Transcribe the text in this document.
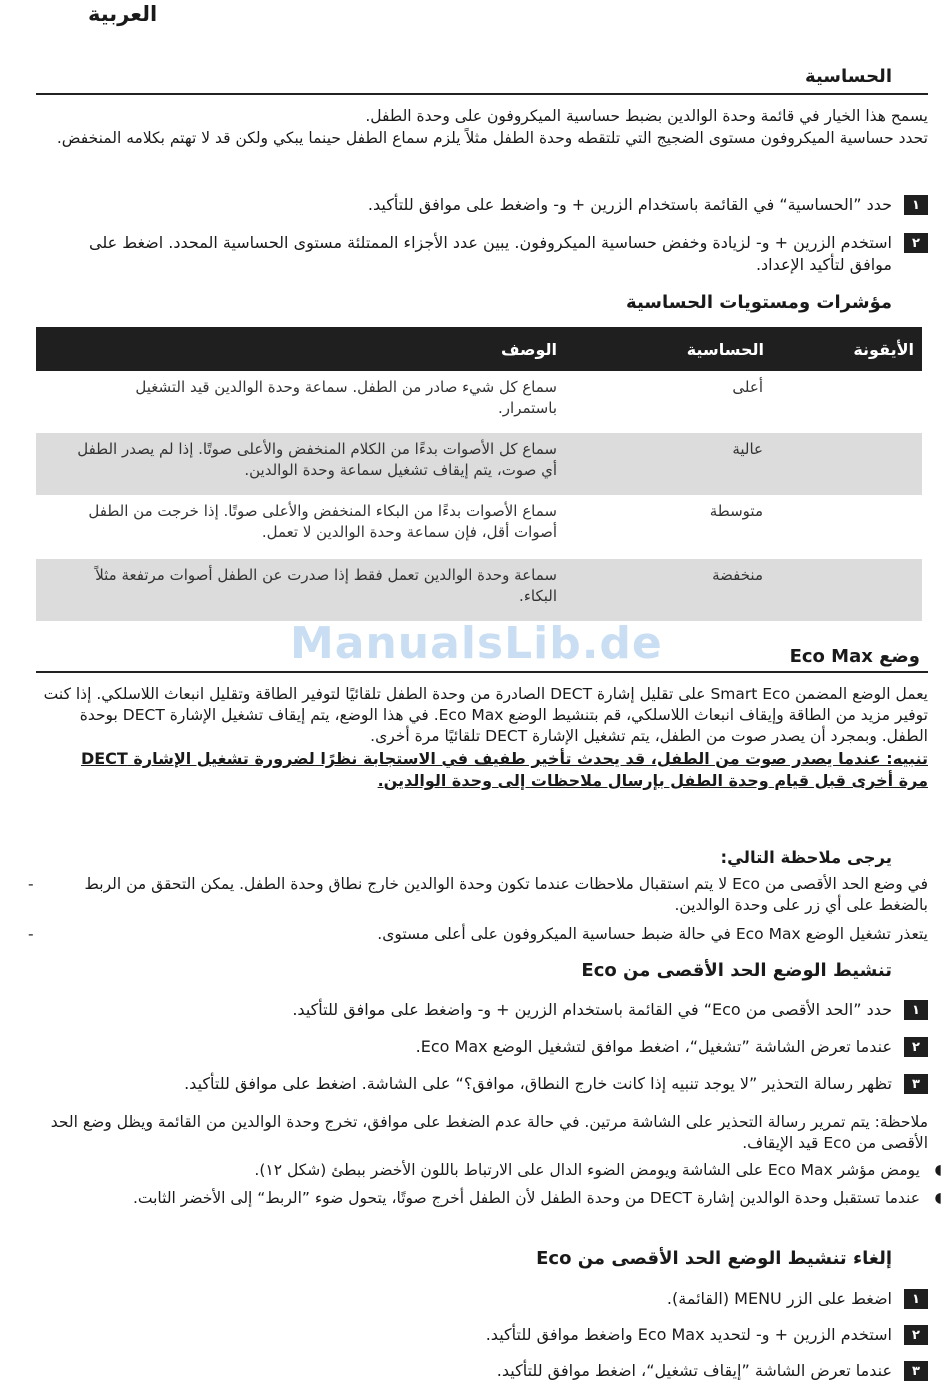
العربية
الحساسية
يسمح هذا الخيار في قائمة وحدة الوالدين بضبط حساسية الميكروفون على وحدة الطفل.
تحدد حساسية الميكروفون مستوى الضجيج التي تلتقطه وحدة الطفل مثلاً يلزم سماع الطفل حينما يبكي ولكن قد لا تهتم بكلامه المنخفض.
١
حدد ”الحساسية“ في القائمة باستخدام الزرين + و- واضغط على موافق للتأكيد.
٢
استخدم الزرين + و- لزيادة وخفض حساسية الميكروفون. يبين عدد الأجزاء الممتلئة مستوى الحساسية المحدد. اضغط على موافق لتأكيد الإعداد.
مؤشرات ومستويات الحساسية
الوصف	الحساسية	الأيقونة
سماع كل شيء صادر من الطفل. سماعة وحدة الوالدين قيد التشغيل باستمرار.	أعلى	
سماع كل الأصوات بدءًا من الكلام المنخفض والأعلى صوتًا. إذا لم يصدر الطفل أي صوت، يتم إيقاف تشغيل سماعة وحدة الوالدين.	عالية	
سماع الأصوات بدءًا من البكاء المنخفض والأعلى صوتًا. إذا خرجت من الطفل أصوات أقل، فإن سماعة وحدة الوالدين لا تعمل.	متوسطة	
سماعة وحدة الوالدين تعمل فقط إذا صدرت عن الطفل أصوات مرتفعة مثلاً البكاء.	منخفضة	
ManualsLib.de	وضع Eco Max
يعمل الوضع المضمن Smart Eco على تقليل إشارة DECT الصادرة من وحدة الطفل تلقائيًا لتوفير الطاقة وتقليل انبعاث اللاسلكي. إذا كنت توفير مزيد من الطاقة وإيقاف انبعاث اللاسلكي، قم بتنشيط الوضع Eco Max. في هذا الوضع، يتم إيقاف تشغيل الإشارة DECT بوحدة الطفل. وبمجرد أن يصدر صوت من الطفل، يتم تشغيل الإشارة DECT تلقائيًا مرة أخرى.
تنبيه: عندما يصدر صوت من الطفل، قد يحدث تأخير طفيف في الاستجابة نظرًا لضرورة تشغيل الإشارة DECT مرة أخرى قبل قيام وحدة الطفل بإرسال ملاحظات إلى وحدة الوالدين.
يرجى ملاحظة التالي:
-	في وضع الحد الأقصى من Eco لا يتم استقبال ملاحظات عندما تكون وحدة الوالدين خارج نطاق وحدة الطفل. يمكن التحقق من الربط بالضغط على أي زر على وحدة الوالدين.
-	يتعذر تشغيل الوضع Eco Max في حالة ضبط حساسية الميكروفون على أعلى مستوى.
تنشيط الوضع الحد الأقصى من Eco
١
حدد ”الحد الأقصى من Eco“ في القائمة باستخدام الزرين + و- واضغط على موافق للتأكيد.
٢
عندما تعرض الشاشة ”تشغيل“، اضغط موافق لتشغيل الوضع Eco Max.
٣
تظهر رسالة التحذير ”لا يوجد تنبيه إذا كانت خارج النطاق، موافق؟“ على الشاشة. اضغط على موافق للتأكيد.
ملاحظة: يتم تمرير رسالة التحذير على الشاشة مرتين. في حالة عدم الضغط على موافق، تخرج وحدة الوالدين من القائمة ويظل وضع الحد الأقصى من Eco قيد الإيقاف.
◖
يومض مؤشر Eco Max على الشاشة ويومض الضوء الدال على الارتباط باللون الأخضر ببطئ (شكل ١٢).
◖
عندما تستقبل وحدة الوالدين إشارة DECT من وحدة الطفل لأن الطفل أخرج صوتًا، يتحول ضوء ”الربط“ إلى الأخضر الثابت.
إلغاء تنشيط الوضع الحد الأقصى من Eco
١
اضغط على الزر MENU (القائمة).
٢
استخدم الزرين + و- لتحديد Eco Max واضغط موافق للتأكيد.
٣
عندما تعرض الشاشة ”إيقاف تشغيل“، اضغط موافق للتأكيد.
